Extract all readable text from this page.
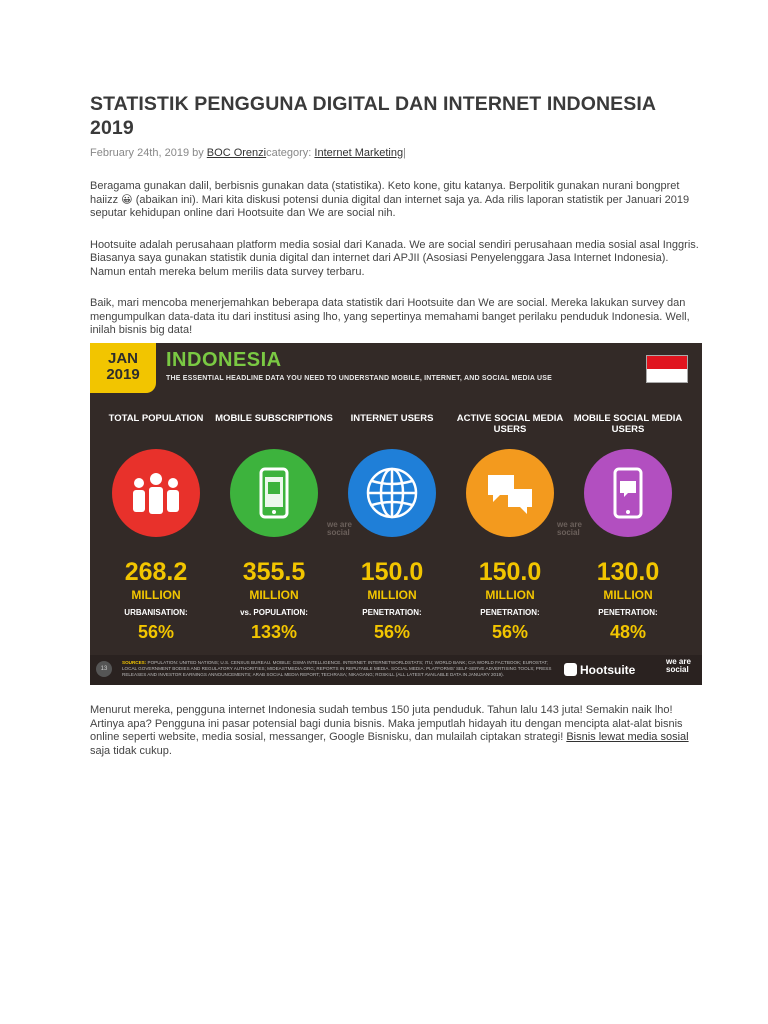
STATISTIK PENGGUNA DIGITAL DAN INTERNET INDONESIA 2019
February 24th, 2019 by BOC Orenzicategory: Internet Marketing|

Beragama gunakan dalil, berbisnis gunakan data (statistika). Keto kone, gitu katanya. Berpolitik gunakan nurani bongpret haiizz 😀 (abaikan ini). Mari kita diskusi potensi dunia digital dan internet saja ya. Ada rilis laporan statistik per Januari 2019 seputar kehidupan online dari Hootsuite dan We are social nih.

Hootsuite adalah perusahaan platform media sosial dari Kanada. We are social sendiri perusahaan media sosial asal Inggris. Biasanya saya gunakan statistik dunia digital dan internet dari APJII (Asosiasi Penyelenggara Jasa Internet Indonesia). Namun entah mereka belum merilis data survey terbaru.

Baik, mari mencoba menerjemahkan beberapa data statistik dari Hootsuite dan We are social. Mereka lakukan survey dan mengumpulkan data-data itu dari institusi asing lho, yang sepertinya memahami banget perilaku penduduk Indonesia. Well, inilah bisnis big data!

JAN
2019
INDONESIA
THE ESSENTIAL HEADLINE DATA YOU NEED TO UNDERSTAND MOBILE, INTERNET, AND SOCIAL MEDIA USE
TOTAL POPULATION
268.2
MILLION
URBANISATION:
56%
MOBILE SUBSCRIPTIONS
355.5
MILLION
vs. POPULATION:
133%
INTERNET USERS
150.0
MILLION
PENETRATION:
56%
ACTIVE SOCIAL MEDIA USERS
150.0
MILLION
PENETRATION:
56%
MOBILE SOCIAL MEDIA USERS
130.0
MILLION
PENETRATION:
48%
we are social
we are social
13
SOURCES: POPULATION: UNITED NATIONS; U.S. CENSUS BUREAU. MOBILE: GSMA INTELLIGENCE. INTERNET: INTERNETWORLDSTATS; ITU; WORLD BANK; CIA WORLD FACTBOOK; EUROSTAT; LOCAL GOVERNMENT BODIES AND REGULATORY AUTHORITIES; MIDEASTMEDIA.ORG; REPORTS IN REPUTABLE MEDIA. SOCIAL MEDIA: PLATFORMS' SELF-SERVE ADVERTISING TOOLS; PRESS RELEASES AND INVESTOR EARNINGS ANNOUNCEMENTS; ARAB SOCIAL MEDIA REPORT; TECHRASA; NIKAGANG; ROSKILL (ALL LATEST AVAILABLE DATA IN JANUARY 2019).	Hootsuite
we are social

Menurut mereka, pengguna internet Indonesia sudah tembus 150 juta penduduk. Tahun lalu 143 juta! Semakin naik lho! Artinya apa? Pengguna ini pasar potensial bagi dunia bisnis. Maka jemputlah hidayah itu dengan mencipta alat-alat bisnis online seperti website, media sosial, messanger, Google Bisnisku, dan mulailah ciptakan strategi! Bisnis lewat media sosial saja tidak cukup.
